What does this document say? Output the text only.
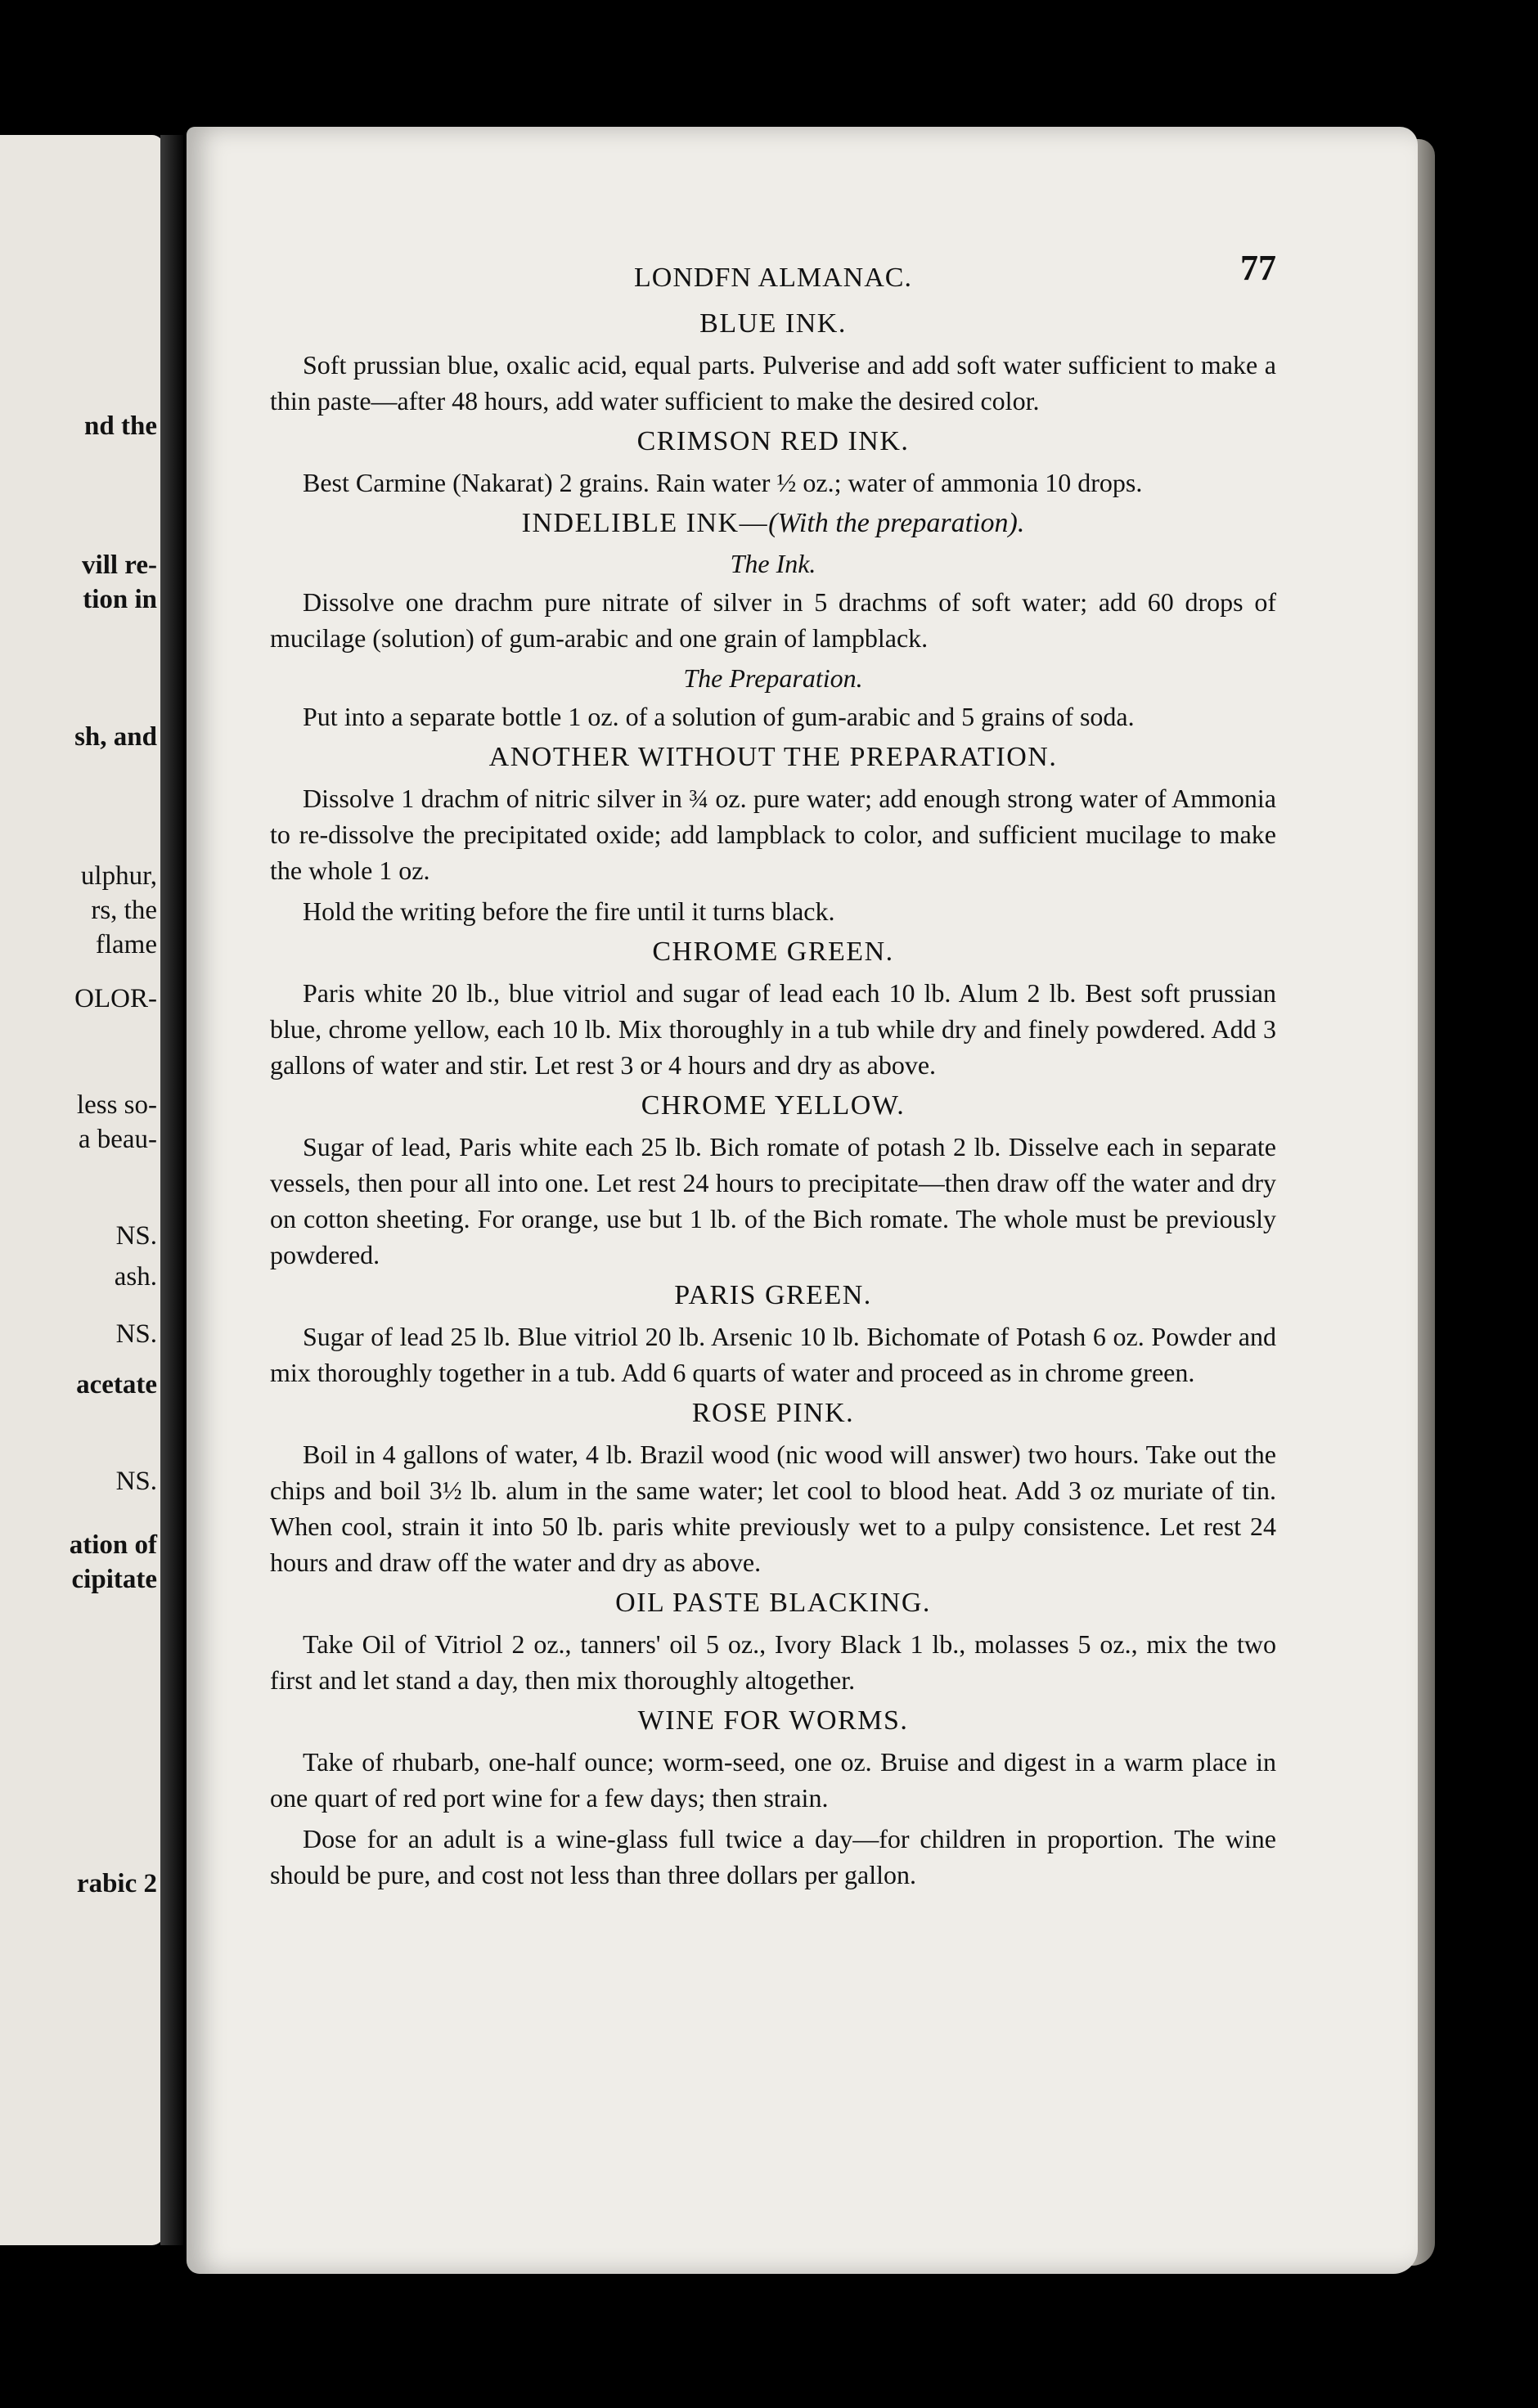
nd the
vill re-
tion in
sh, and
ulphur,
rs, the
flame
OLOR-
less so-
a beau-
NS.
ash.
NS.
acetate
NS.
ation of
cipitate
rabic 2
LONDFN ALMANAC.	77
BLUE INK.

Soft prussian blue, oxalic acid, equal parts. Pulverise and add soft water sufficient to make a thin paste—after 48 hours, add water sufficient to make the desired color.

CRIMSON RED INK.

Best Carmine (Nakarat) 2 grains. Rain water ½ oz.; water of ammonia 10 drops.

INDELIBLE INK—(With the preparation).
The Ink.

Dissolve one drachm pure nitrate of silver in 5 drachms of soft water; add 60 drops of mucilage (solution) of gum-arabic and one grain of lampblack.

The Preparation.

Put into a separate bottle 1 oz. of a solution of gum-arabic and 5 grains of soda.

ANOTHER WITHOUT THE PREPARATION.

Dissolve 1 drachm of nitric silver in ¾ oz. pure water; add enough strong water of Ammonia to re-dissolve the precipitated oxide; add lampblack to color, and sufficient mucilage to make the whole 1 oz.

Hold the writing before the fire until it turns black.

CHROME GREEN.

Paris white 20 lb., blue vitriol and sugar of lead each 10 lb. Alum 2 lb. Best soft prussian blue, chrome yellow, each 10 lb. Mix thoroughly in a tub while dry and finely powdered. Add 3 gallons of water and stir. Let rest 3 or 4 hours and dry as above.

CHROME YELLOW.

Sugar of lead, Paris white each 25 lb. Bich romate of potash 2 lb. Disselve each in separate vessels, then pour all into one. Let rest 24 hours to precipitate—then draw off the water and dry on cotton sheeting. For orange, use but 1 lb. of the Bich romate. The whole must be previously powdered.

PARIS GREEN.

Sugar of lead 25 lb. Blue vitriol 20 lb. Arsenic 10 lb. Bichomate of Potash 6 oz. Powder and mix thoroughly together in a tub. Add 6 quarts of water and proceed as in chrome green.

ROSE PINK.

Boil in 4 gallons of water, 4 lb. Brazil wood (nic wood will answer) two hours. Take out the chips and boil 3½ lb. alum in the same water; let cool to blood heat. Add 3 oz muriate of tin. When cool, strain it into 50 lb. paris white previously wet to a pulpy consistence. Let rest 24 hours and draw off the water and dry as above.

OIL PASTE BLACKING.

Take Oil of Vitriol 2 oz., tanners' oil 5 oz., Ivory Black 1 lb., molasses 5 oz., mix the two first and let stand a day, then mix thoroughly altogether.

WINE FOR WORMS.

Take of rhubarb, one-half ounce; worm-seed, one oz. Bruise and digest in a warm place in one quart of red port wine for a few days; then strain.

Dose for an adult is a wine-glass full twice a day—for children in proportion. The wine should be pure, and cost not less than three dollars per gallon.
